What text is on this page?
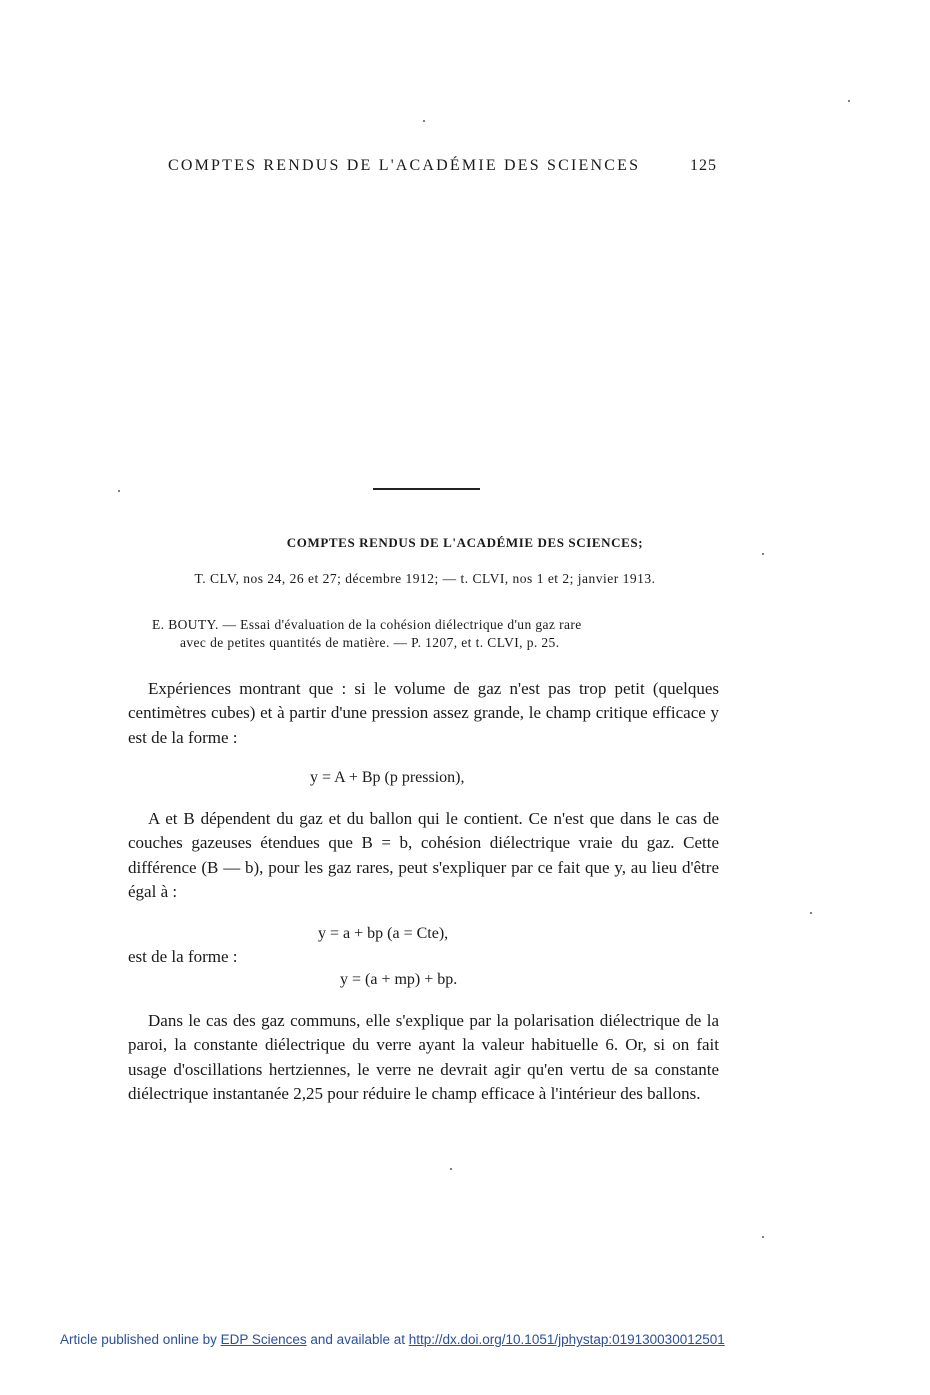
COMPTES RENDUS DE L'ACADÉMIE DES SCIENCES	125
COMPTES RENDUS DE L'ACADÉMIE DES SCIENCES;
T. CLV, nos 24, 26 et 27; décembre 1912; — t. CLVI, nos 1 et 2; janvier 1913.
E. BOUTY. — Essai d'évaluation de la cohésion diélectrique d'un gaz rare
avec de petites quantités de matière. — P. 1207, et t. CLVI, p. 25.
Expériences montrant que : si le volume de gaz n'est pas trop petit (quelques centimètres cubes) et à partir d'une pression assez grande, le champ critique efficace y est de la forme :
y = A + Bp (p pression),
A et B dépendent du gaz et du ballon qui le contient. Ce n'est que dans le cas de couches gazeuses étendues que B = b, cohésion diélectrique vraie du gaz. Cette différence (B — b), pour les gaz rares, peut s'expliquer par ce fait que y, au lieu d'être égal à :
y = a + bp (a = Cte),
est de la forme :
y = (a + mp) + bp.
Dans le cas des gaz communs, elle s'explique par la polarisation diélectrique de la paroi, la constante diélectrique du verre ayant la valeur habituelle 6. Or, si on fait usage d'oscillations hertziennes, le verre ne devrait agir qu'en vertu de sa constante diélectrique instantanée 2,25 pour réduire le champ efficace à l'intérieur des ballons.
Article published online by EDP Sciences and available at http://dx.doi.org/10.1051/jphystap:019130030012501
